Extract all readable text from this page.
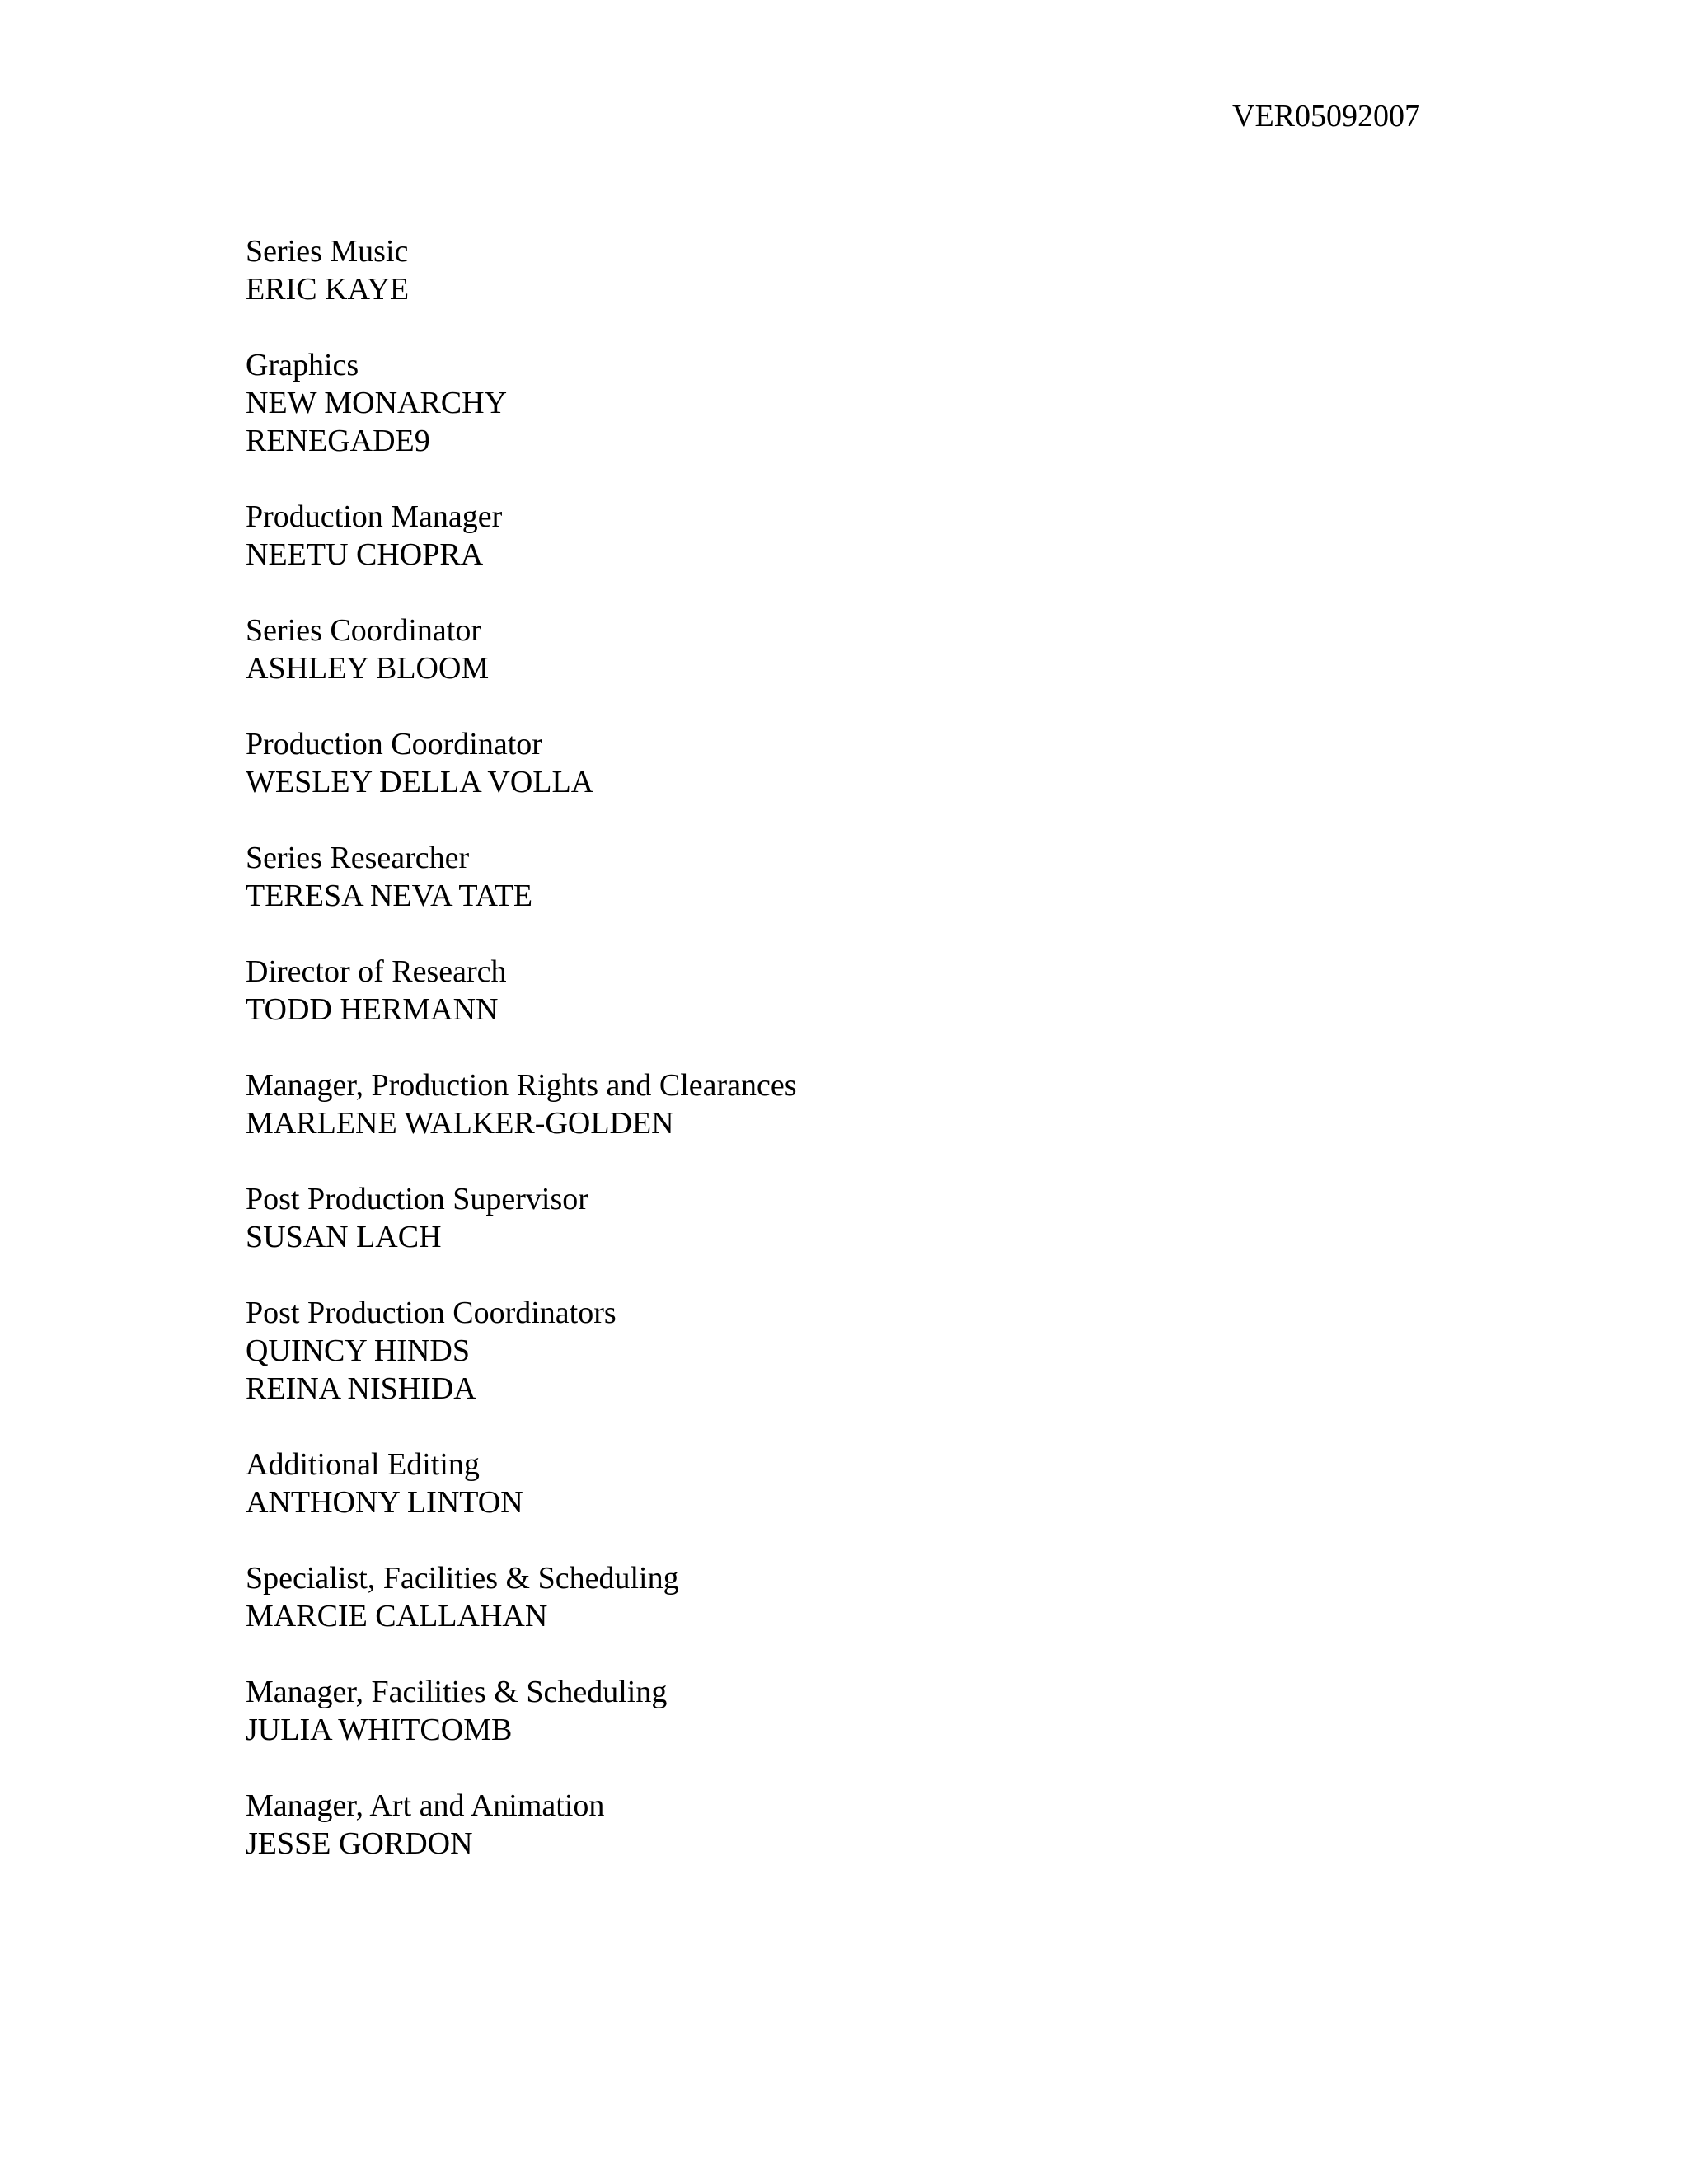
VER05092007
Series Music
ERIC KAYE
Graphics
NEW MONARCHY
RENEGADE9
Production Manager
NEETU CHOPRA
Series Coordinator
ASHLEY BLOOM
Production Coordinator
WESLEY DELLA VOLLA
Series Researcher
TERESA NEVA TATE
Director of Research
TODD HERMANN
Manager, Production Rights and Clearances
MARLENE WALKER-GOLDEN
Post Production Supervisor
SUSAN LACH
Post Production Coordinators
QUINCY HINDS
REINA NISHIDA
Additional Editing
ANTHONY LINTON
Specialist, Facilities & Scheduling
MARCIE CALLAHAN
Manager, Facilities & Scheduling
JULIA WHITCOMB
Manager, Art and Animation
JESSE GORDON
